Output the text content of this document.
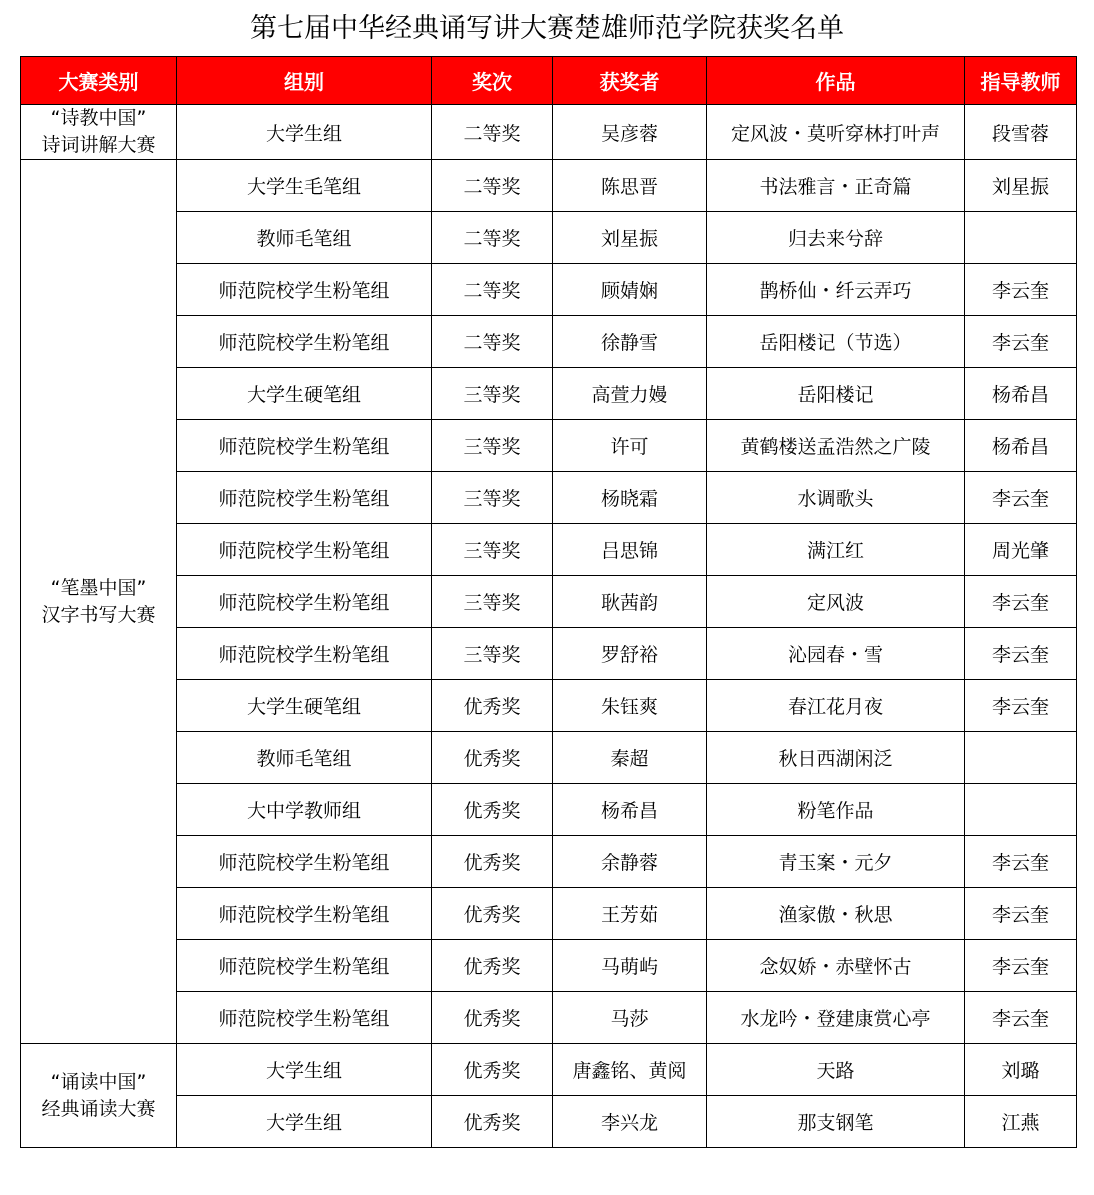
第七届中华经典诵写讲大赛楚雄师范学院获奖名单
大赛类别	组别	奖次	获奖者	作品	指导教师

“诗教中国”
诗词讲解大赛	大学生组	二等奖	吴彦蓉	定风波・莫听穿林打叶声	段雪蓉

“笔墨中国”
汉字书写大赛	大学生毛笔组	二等奖	陈思晋	书法雅言・正奇篇	刘星振
	教师毛笔组	二等奖	刘星振	归去来兮辞	
	师范院校学生粉笔组	二等奖	顾婧娴	鹊桥仙・纤云弄巧	李云奎
	师范院校学生粉笔组	二等奖	徐静雪	岳阳楼记（节选）	李云奎
	大学生硬笔组	三等奖	高萱力嫚	岳阳楼记	杨希昌
	师范院校学生粉笔组	三等奖	许可	黄鹤楼送孟浩然之广陵	杨希昌
	师范院校学生粉笔组	三等奖	杨晓霜	水调歌头	李云奎
	师范院校学生粉笔组	三等奖	吕思锦	满江红	周光肇
	师范院校学生粉笔组	三等奖	耿茜韵	定风波	李云奎
	师范院校学生粉笔组	三等奖	罗舒裕	沁园春・雪	李云奎
	大学生硬笔组	优秀奖	朱钰爽	春江花月夜	李云奎
	教师毛笔组	优秀奖	秦超	秋日西湖闲泛	
	大中学教师组	优秀奖	杨希昌	粉笔作品	
	师范院校学生粉笔组	优秀奖	余静蓉	青玉案・元夕	李云奎
	师范院校学生粉笔组	优秀奖	王芳茹	渔家傲・秋思	李云奎
	师范院校学生粉笔组	优秀奖	马萌屿	念奴娇・赤壁怀古	李云奎
	师范院校学生粉笔组	优秀奖	马莎	水龙吟・登建康赏心亭	李云奎

“诵读中国”
经典诵读大赛	大学生组	优秀奖	唐鑫铭、黄阅	天路	刘璐
	大学生组	优秀奖	李兴龙	那支钢笔	江燕
